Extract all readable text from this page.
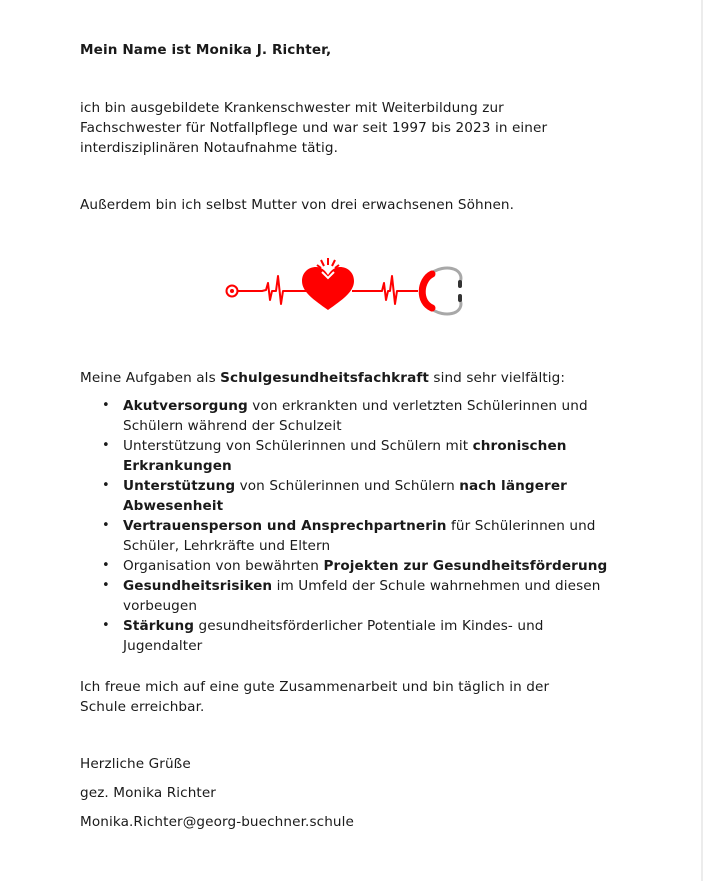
Mein Name ist Monika J. Richter,
ich bin ausgebildete Krankenschwester mit Weiterbildung zur
Fachschwester für Notfallpflege und war seit 1997 bis 2023 in einer
interdisziplinären Notaufnahme tätig.
Außerdem bin ich selbst Mutter von drei erwachsenen Söhnen.
Meine Aufgaben als Schulgesundheitsfachkraft sind sehr vielfältig:
• Akutversorgung von erkrankten und verletzten Schülerinnen und
Schülern während der Schulzeit
• Unterstützung von Schülerinnen und Schülern mit chronischen
Erkrankungen
• Unterstützung von Schülerinnen und Schülern nach längerer
Abwesenheit
• Vertrauensperson und Ansprechpartnerin für Schülerinnen und
Schüler, Lehrkräfte und Eltern
• Organisation von bewährten Projekten zur Gesundheitsförderung
• Gesundheitsrisiken im Umfeld der Schule wahrnehmen und diesen
vorbeugen
• Stärkung gesundheitsförderlicher Potentiale im Kindes- und
Jugendalter
Ich freue mich auf eine gute Zusammenarbeit und bin täglich in der
Schule erreichbar.
Herzliche Grüße
gez. Monika Richter
Monika.Richter@georg-buechner.schule
